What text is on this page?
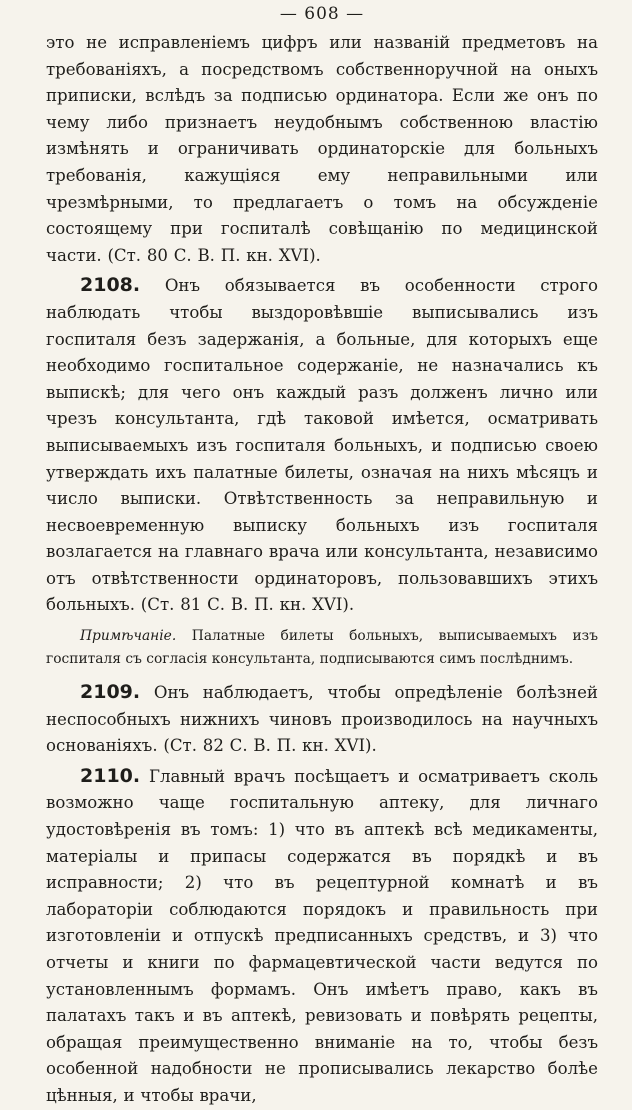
— 608 —

это не исправленіемъ цифръ или названій предметовъ на требованіяхъ, а посредствомъ собственноручной на оныхъ приписки, вслѣдъ за подписью ординатора. Если же онъ по чему либо признаетъ неудобнымъ собственною властію измѣнять и ограничивать ординаторскіе для больныхъ требованія, кажущіяся ему неправильными или чрезмѣрными, то предлагаетъ о томъ на обсужденіе состоящему при госпиталѣ совѣщанію по медицинской части. (Ст. 80 С. В. П. кн. XVI).

2108. Онъ обязывается въ особенности строго наблюдать чтобы выздоровѣвшіе выписывались изъ госпиталя безъ задержанія, а больные, для которыхъ еще необходимо госпитальное содержаніе, не назначались къ выпискѣ; для чего онъ каждый разъ долженъ лично или чрезъ консультанта, гдѣ таковой имѣется, осматривать выписываемыхъ изъ госпиталя больныхъ, и подписью своею утверждать ихъ палатные билеты, означая на нихъ мѣсяцъ и число выписки. Отвѣтственность за неправильную и несвоевременную выписку больныхъ изъ госпиталя возлагается на главнаго врача или консультанта, независимо отъ отвѣтственности ординаторовъ, пользовавшихъ этихъ больныхъ. (Ст. 81 С. В. П. кн. XVI).

Примѣчаніе. Палатные билеты больныхъ, выписываемыхъ изъ госпиталя съ согласія консультанта, подписываются симъ послѣднимъ.

2109. Онъ наблюдаетъ, чтобы опредѣленіе болѣзней неспособныхъ нижнихъ чиновъ производилось на научныхъ основаніяхъ. (Ст. 82 С. В. П. кн. XVI).

2110. Главный врачъ посѣщаетъ и осматриваетъ сколь возможно чаще госпитальную аптеку, для личнаго удостовѣренія въ томъ: 1) что въ аптекѣ всѣ медикаменты, матеріалы и припасы содержатся въ порядкѣ и въ исправности; 2) что въ рецептурной комнатѣ и въ лабораторіи соблюдаются порядокъ и правильность при изготовленіи и отпускѣ предписанныхъ средствъ, и 3) что отчеты и книги по фармацевтической части ведутся по установленнымъ формамъ. Онъ имѣетъ право, какъ въ палатахъ такъ и въ аптекѣ, ревизовать и повѣрять рецепты, обращая преимущественно вниманіе на то, чтобы безъ особенной надобности не прописывались лекарство болѣе цѣнныя, и чтобы врачи,
